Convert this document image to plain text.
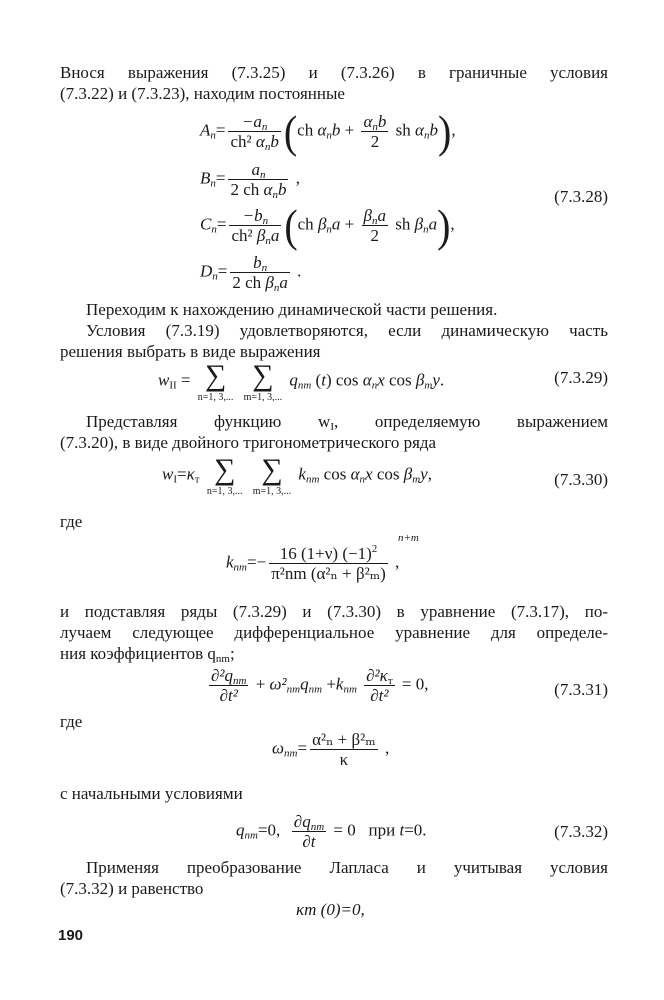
Внося выражения (7.3.25) и (7.3.26) в граничные условия
(7.3.22) и (7.3.23), находим постоянные
$A_n= \frac{-a_n}{ch^2 \alpha_nb} (ch$ $\alpha_nb + \frac{\alpha_nb}{2}$ sh $\alpha_nb$),
$B_n= \frac{a_n}{2 ch \alpha_nb}$ ,
(7.3.28)
$C_n= \frac{-b_n}{ch^2 \beta_na} (ch$ $\beta_na + \frac{\beta_na}{2}$ sh $\beta_na$),
$D_n= \frac{b_n}{2 ch \beta_na}$ .
Переходим к нахождению динамической части решения.
Условия (7.3.19) удовлетворяются, если динамическую часть
решения выбрать в виде выражения
$w_{II}$ = ∑
n=1, 3,...

∑
m=1, 3,...
$q_{nm}$ (t) $\cos \alpha_nx$ $\cos \beta_my$.	(7.3.29)
Представляя функцию $w_I$, определяемую выражением
(7.3.20), в виде двойного тригонометрического ряда
$w_I=\kappa_т$ ∑
n=1, 3,...

∑
m=1, 3,...
$k_{nm}$ $\cos \alpha_nx$ $\cos \beta_my$,	(7.3.30)
где
n+m
$k_{nm}=- \frac{16 (1+\nu) (-1)^2}{\text{π²nm (α²ₙ + β²ₘ)}}$ ,
и подставляя ряды (7.3.29) и (7.3.30) в уравнение (7.3.17), по-
лучаем следующее дифференциальное уравнение для определе-
ния коэффициентов $q_{nm}$;
$\frac{\partial^2q_{nm}}{\text{∂t²}} + \omega^2_{nm}q_{nm} +k_{nm} \frac{\partial^2\kappa_т}{\text{∂t²}} = 0$,	(7.3.31)
где
$\omega_{nm}= \frac{\text{α²ₙ + β²ₘ}}{\kappa}$ ,
с начальными условиями
$q_{nm}=0$, $\frac{\partial q_{nm}}{\partial t} = 0$   при t=0.	(7.3.32)
Применяя преобразование Лапласа и учитывая условия
(7.3.32) и равенство
κт (0)=0,
190
